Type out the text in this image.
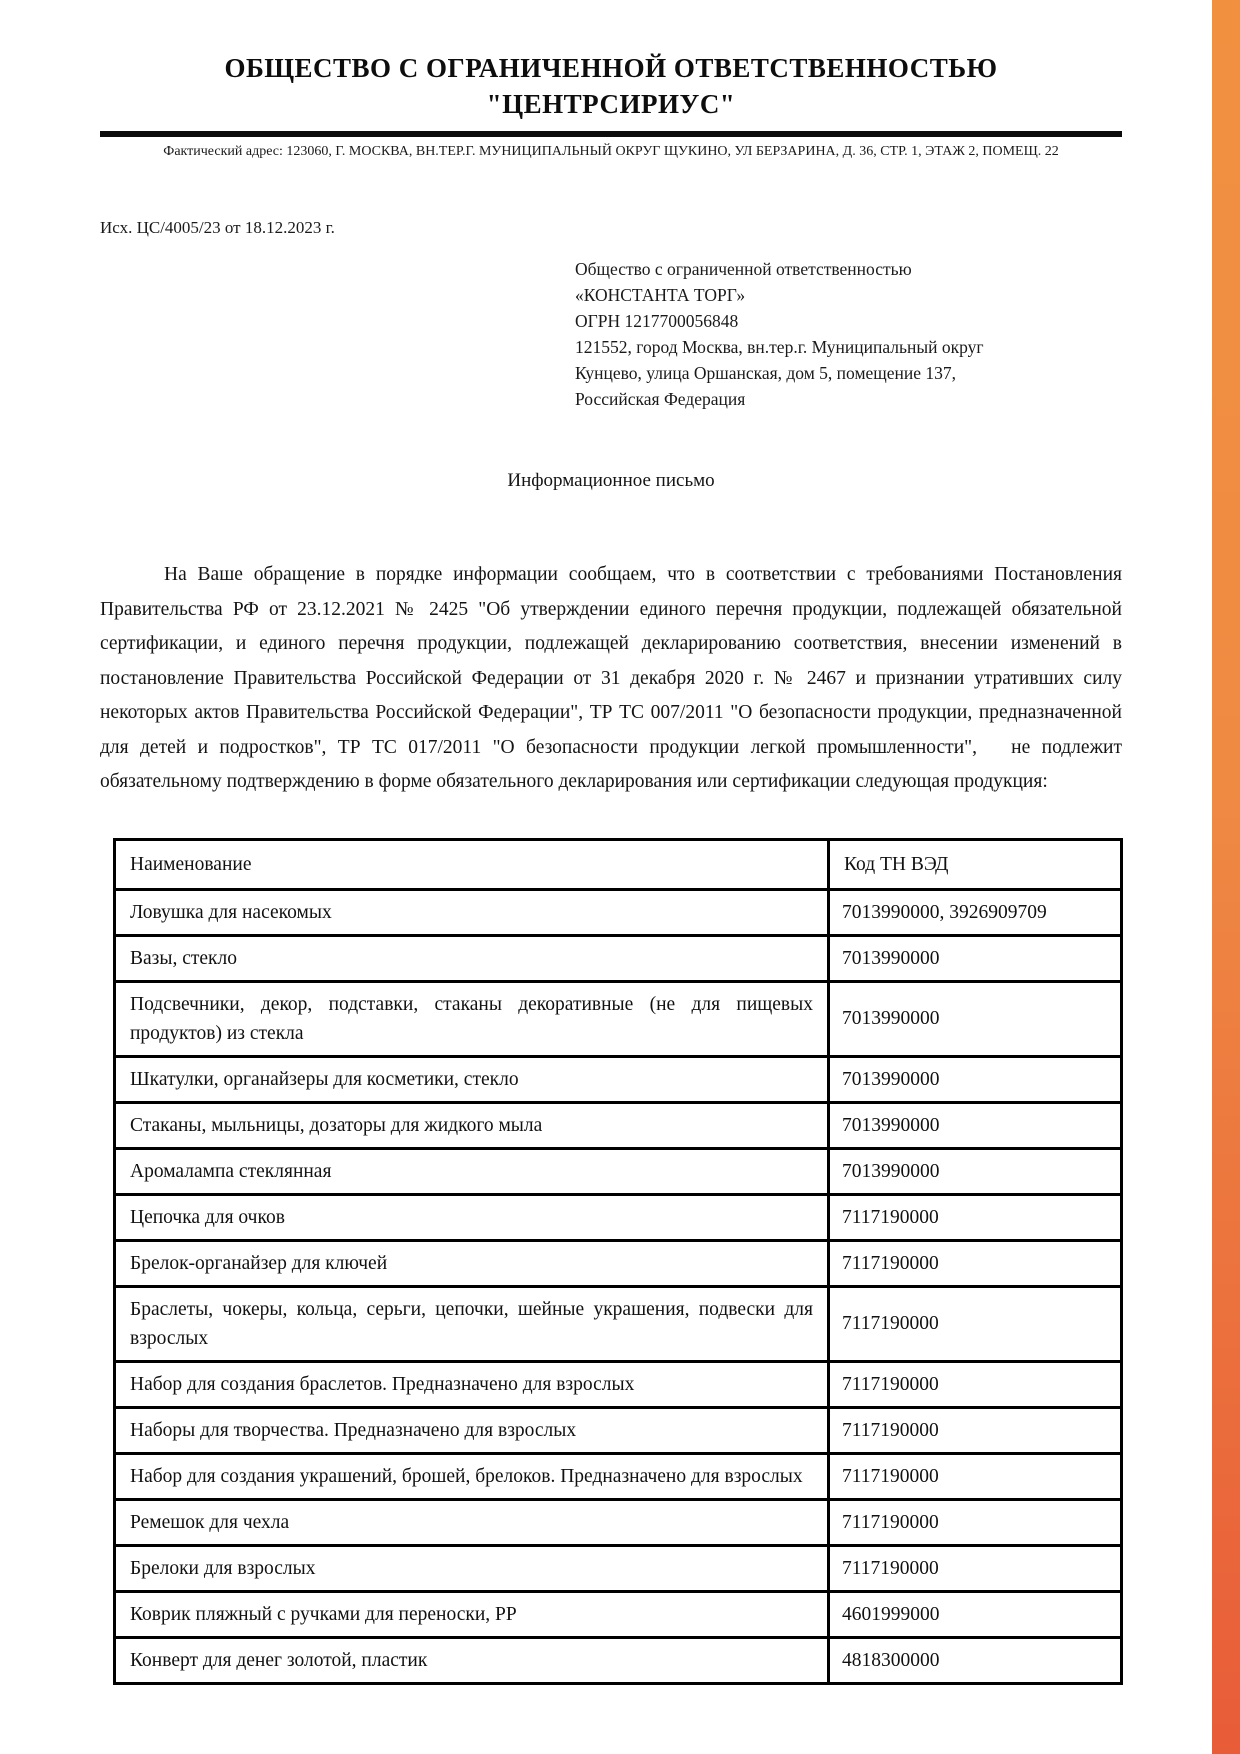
ОБЩЕСТВО С ОГРАНИЧЕННОЙ ОТВЕТСТВЕННОСТЬЮ
"ЦЕНТРСИРИУС"
Фактический адрес: 123060, Г. МОСКВА, ВН.ТЕР.Г. МУНИЦИПАЛЬНЫЙ ОКРУГ ЩУКИНО, УЛ БЕРЗАРИНА, Д. 36, СТР. 1, ЭТАЖ 2, ПОМЕЩ. 22
Исх. ЦС/4005/23 от 18.12.2023 г.
Общество с ограниченной ответственностью
«КОНСТАНТА ТОРГ»
ОГРН 1217700056848
121552, город Москва, вн.тер.г. Муниципальный округ
Кунцево, улица Оршанская, дом 5, помещение 137,
Российская Федерация
Информационное письмо
На Ваше обращение в порядке информации сообщаем, что в соответствии с требованиями Постановления Правительства РФ от 23.12.2021 № 2425 "Об утверждении единого перечня продукции, подлежащей обязательной сертификации, и единого перечня продукции, подлежащей декларированию соответствия, внесении изменений в постановление Правительства Российской Федерации от 31 декабря 2020 г. № 2467 и признании утративших силу некоторых актов Правительства Российской Федерации", ТР ТС 007/2011 "О безопасности продукции, предназначенной для детей и подростков", ТР ТС 017/2011 "О безопасности продукции легкой промышленности",   не подлежит обязательному подтверждению в форме обязательного декларирования или сертификации следующая продукция:
Наименование	Код ТН ВЭД
Ловушка для насекомых	7013990000, 3926909709
Вазы, стекло	7013990000
Подсвечники, декор, подставки, стаканы декоративные (не для пищевых продуктов) из стекла	7013990000
Шкатулки, органайзеры для косметики, стекло	7013990000
Стаканы, мыльницы, дозаторы для жидкого мыла	7013990000
Аромалампа стеклянная	7013990000
Цепочка для очков	7117190000
Брелок-органайзер для ключей	7117190000
Браслеты, чокеры, кольца, серьги, цепочки, шейные украшения, подвески для взрослых	7117190000
Набор для создания браслетов. Предназначено для взрослых	7117190000
Наборы для творчества. Предназначено для взрослых	7117190000
Набор для создания украшений, брошей, брелоков. Предназначено для взрослых	7117190000
Ремешок для чехла	7117190000
Брелоки для взрослых	7117190000
Коврик пляжный с ручками для переноски, PP	4601999000
Конверт для денег золотой, пластик	4818300000
